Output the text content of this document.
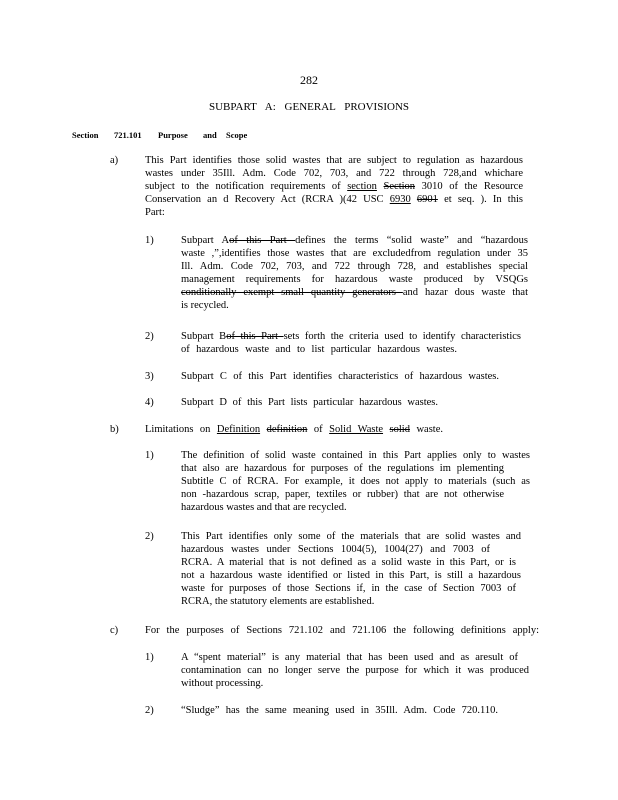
282
SUBPART A: GENERAL PROVISIONS
Section 721.101 Purpose and Scope
a)	This Part identifies those solid wastes that are subject to regulation as hazardous
wastes under 35Ill. Adm. Code 702, 703, and 722 through 728,and whichare
subject to the notification requirements of section Section 3010 of the Resource
Conservation an d Recovery Act (RCRA )(42 USC 6930 6901 et seq. ). In this
Part:
1)	Subpart Aof this Part defines the terms “solid waste” and “hazardous
waste ,”,identifies those wastes that are excludedfrom regulation under 35
Ill. Adm. Code 702, 703, and 722 through 728, and establishes special
management requirements for hazardous waste produced by VSQGs
conditionally exempt small quantity generators and hazar dous waste that
is recycled.
2)	Subpart Bof this Part sets forth the criteria used to identify characteristics
of hazardous waste and to list particular hazardous wastes.
3)	Subpart C of this Part identifies characteristics of hazardous wastes.
4)	Subpart D of this Part lists particular hazardous wastes.
b)	Limitations on Definition definition of Solid Waste solid waste.
1)	The definition of solid waste contained in this Part applies only to wastes
that also are hazardous for purposes of the regulations im plementing
Subtitle C of RCRA. For example, it does not apply to materials (such as
non -hazardous scrap, paper, textiles or rubber) that are not otherwise
hazardous wastes and that are recycled.
2)	This Part identifies only some of the materials that are solid wastes and
hazardous wastes under Sections 1004(5), 1004(27) and 7003 of
RCRA. A material that is not defined as a solid waste in this Part, or is
not a hazardous waste identified or listed in this Part, is still a hazardous
waste for purposes of those Sections if, in the case of Section 7003 of
RCRA, the statutory elements are established.
c)	For the purposes of Sections 721.102 and 721.106 the following definitions apply:
1)	A “spent material” is any material that has been used and as aresult of
contamination can no longer serve the purpose for which it was produced
without processing.
2)	“Sludge” has the same meaning used in 35Ill. Adm. Code 720.110.
